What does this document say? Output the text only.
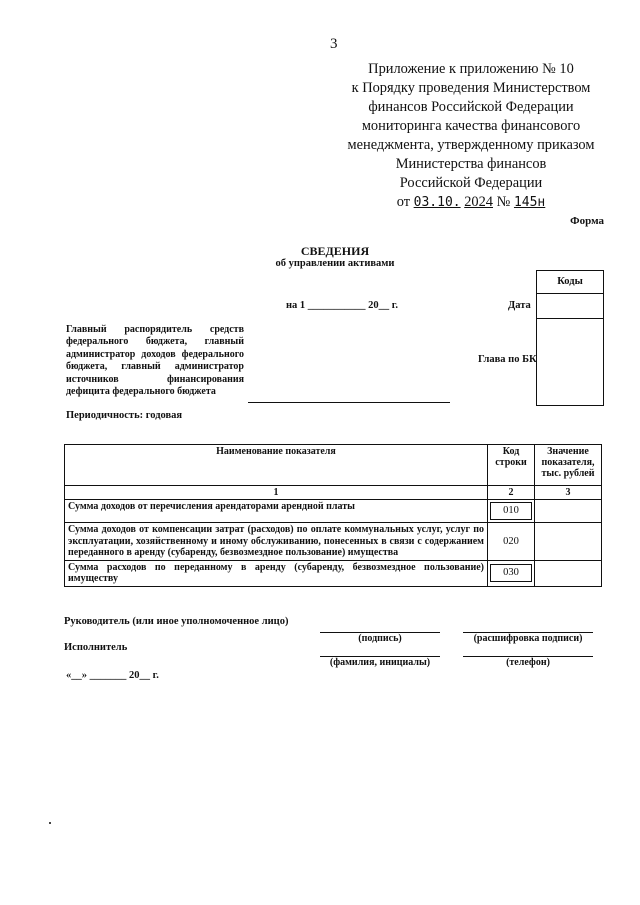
3
Приложение к приложению № 10
к Порядку проведения Министерством
финансов Российской Федерации
мониторинга качества финансового
менеджмента, утвержденному приказом
Министерства финансов
Российской Федерации
от 03.10. 2024 № 145н
Форма
СВЕДЕНИЯ
об управлении активами
Коды
на 1 ___________ 20__ г.	Дата
Глава по БК
Главный распорядитель средств федерального бюджета, главный администратор доходов федерального бюджета, главный администратор источников финансирования дефицита федерального бюджета
Периодичность: годовая
Наименование показателя	Код строки	Значение показателя, тыс. рублей
1	2	3
Сумма доходов от перечисления арендаторами арендной платы	010	

Сумма доходов от компенсации затрат (расходов) по оплате коммунальных услуг, услуг по эксплуатации, хозяйственному и иному обслуживанию, понесенных в связи с содержанием переданного в аренду (субаренду, безвозмездное пользование) имущества	020	
Сумма расходов по переданному в аренду (субаренду, безвозмездное пользование) имуществу	030	

Руководитель (или иное уполномоченное лицо)
(подпись)	(расшифровка подписи)
Исполнитель
(фамилия, инициалы)	(телефон)
«__» _______ 20__ г.
